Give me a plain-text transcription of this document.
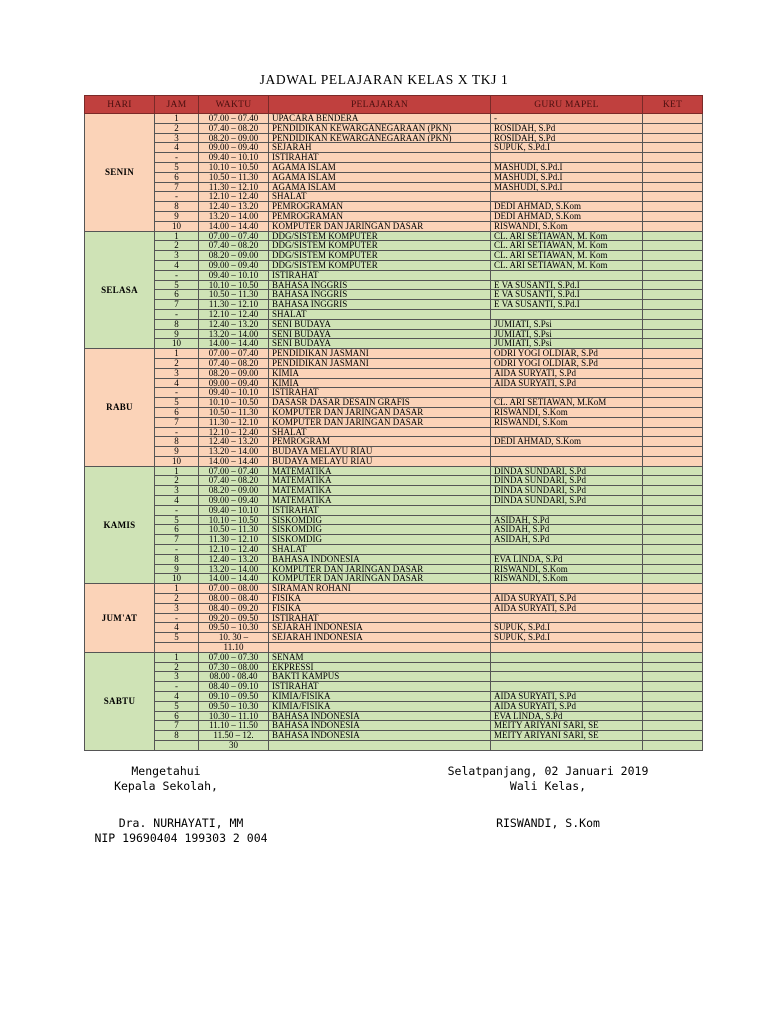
JADWAL PELAJARAN KELAS X TKJ 1
HARI	JAM	WAKTU	PELAJARAN	GURU MAPEL	KET
SENIN	1	07.00 – 07.40	UPACARA BENDERA	-	
	2	07.40 – 08.20	PENDIDIKAN KEWARGANEGARAAN (PKN)	ROSIDAH, S.Pd	
	3	08.20 – 09.00	PENDIDIKAN KEWARGANEGARAAN (PKN)	ROSIDAH, S.Pd	
	4	09.00 – 09.40	SEJARAH	SUPUK, S.Pd.I	
	-	09.40 – 10.10	ISTIRAHAT		
	5	10.10 – 10.50	AGAMA ISLAM	MASHUDI, S.Pd.I	
	6	10.50 – 11.30	AGAMA ISLAM	MASHUDI, S.Pd.I	
	7	11.30 – 12.10	AGAMA ISLAM	MASHUDI, S.Pd.I	
	-	12.10 – 12.40	SHALAT		
	8	12.40 – 13.20	PEMROGRAMAN	DEDI AHMAD, S.Kom	
	9	13.20 – 14.00	PEMROGRAMAN	DEDI AHMAD, S.Kom	
	10	14.00 – 14.40	KOMPUTER DAN JARINGAN DASAR	RISWANDI, S.Kom	
SELASA	1	07.00 – 07.40	DDG/SISTEM KOMPUTER	CL. ARI SETIAWAN, M. Kom	
	2	07.40 – 08.20	DDG/SISTEM KOMPUTER	CL. ARI SETIAWAN, M. Kom	
	3	08.20 – 09.00	DDG/SISTEM KOMPUTER	CL. ARI SETIAWAN, M. Kom	
	4	09.00 – 09.40	DDG/SISTEM KOMPUTER	CL. ARI SETIAWAN, M. Kom	
	-	09.40 – 10.10	ISTIRAHAT		
	5	10.10 – 10.50	BAHASA INGGRIS	E VA SUSANTI, S.Pd.I	
	6	10.50 – 11.30	BAHASA INGGRIS	E VA SUSANTI, S.Pd.I	
	7	11.30 – 12.10	BAHASA INGGRIS	E VA SUSANTI, S.Pd.I	
	-	12.10 – 12.40	SHALAT		
	8	12.40 – 13.20	SENI BUDAYA	JUMIATI, S.Psi	
	9	13.20 – 14.00	SENI BUDAYA	JUMIATI, S.Psi	
	10	14.00 – 14.40	SENI BUDAYA	JUMIATI, S.Psi	
RABU	1	07.00 – 07.40	PENDIDIKAN JASMANI	ODRI YOGI OLDIAR, S.Pd	
	2	07.40 – 08.20	PENDIDIKAN JASMANI	ODRI YOGI OLDIAR, S.Pd	
	3	08.20 – 09.00	KIMIA	AIDA SURYATI, S.Pd	
	4	09.00 – 09.40	KIMIA	AIDA SURYATI, S.Pd	
	-	09.40 – 10.10	ISTIRAHAT		
	5	10.10 – 10.50	DASASR DASAR DESAIN GRAFIS	CL. ARI SETIAWAN, M.KoM	
	6	10.50 – 11.30	KOMPUTER DAN JARINGAN DASAR	RISWANDI, S.Kom	
	7	11.30 – 12.10	KOMPUTER DAN JARINGAN DASAR	RISWANDI, S.Kom	
	-	12.10 – 12.40	SHALAT		
	8	12.40 – 13.20	PEMROGRAM	DEDI AHMAD, S.Kom	
	9	13.20 – 14.00	BUDAYA MELAYU RIAU		
	10	14.00 – 14.40	BUDAYA MELAYU RIAU		
KAMIS	1	07.00 – 07.40	MATEMATIKA	DINDA SUNDARI, S.Pd	
	2	07.40 – 08.20	MATEMATIKA	DINDA SUNDARI, S.Pd	
	3	08.20 – 09.00	MATEMATIKA	DINDA SUNDARI, S.Pd	
	4	09.00 – 09.40	MATEMATIKA	DINDA SUNDARI, S.Pd	
	-	09.40 – 10.10	ISTIRAHAT		
	5	10.10 – 10.50	SISKOMDIG	ASIDAH, S.Pd	
	6	10.50 – 11.30	SISKOMDIG	ASIDAH, S.Pd	
	7	11.30 – 12.10	SISKOMDIG	ASIDAH, S.Pd	
	-	12.10 – 12.40	SHALAT		
	8	12.40 – 13.20	BAHASA INDONESIA	EVA LINDA, S.Pd	
	9	13.20 – 14.00	KOMPUTER DAN JARINGAN DASAR	RISWANDI, S.Kom	
	10	14.00 – 14.40	KOMPUTER DAN JARINGAN DASAR	RISWANDI, S.Kom	
JUM'AT	1	07.00 – 08.00	SIRAMAN ROHANI		
	2	08.00 – 08.40	FISIKA	AIDA SURYATI, S.Pd	
	3	08.40 – 09.20	FISIKA	AIDA SURYATI, S.Pd	
	-	09.20 – 09.50	ISTIRAHAT		
	4	09.50 – 10.30	SEJARAH INDONESIA	SUPUK, S.Pd.I	
	5	10. 30 –	SEJARAH INDONESIA	SUPUK, S.Pd.I	
		11.10			
SABTU	1	07.00 – 07.30	SENAM		
	2	07.30 – 08.00	EKPRESSI		
	3	08.00 - 08.40	BAKTI KAMPUS		
	-	08.40 – 09.10	ISTIRAHAT		
	4	09.10 – 09.50	KIMIA/FISIKA	AIDA SURYATI, S.Pd	
	5	09.50 – 10.30	KIMIA/FISIKA	AIDA SURYATI, S.Pd	
	6	10.30 – 11.10	BAHASA INDONESIA	EVA LINDA, S.Pd	
	7	11.10 – 11.50	BAHASA INDONESIA	MEITY ARIYANI SARI, SE	
	8	11.50 – 12.	BAHASA INDONESIA	MEITY ARIYANI SARI, SE	
		30			
Mengetahui
Kepala Sekolah,
Dra. NURHAYATI, MM
NIP 19690404 199303 2 004
Selatpanjang, 02 Januari 2019
Wali Kelas,
RISWANDI, S.Kom
